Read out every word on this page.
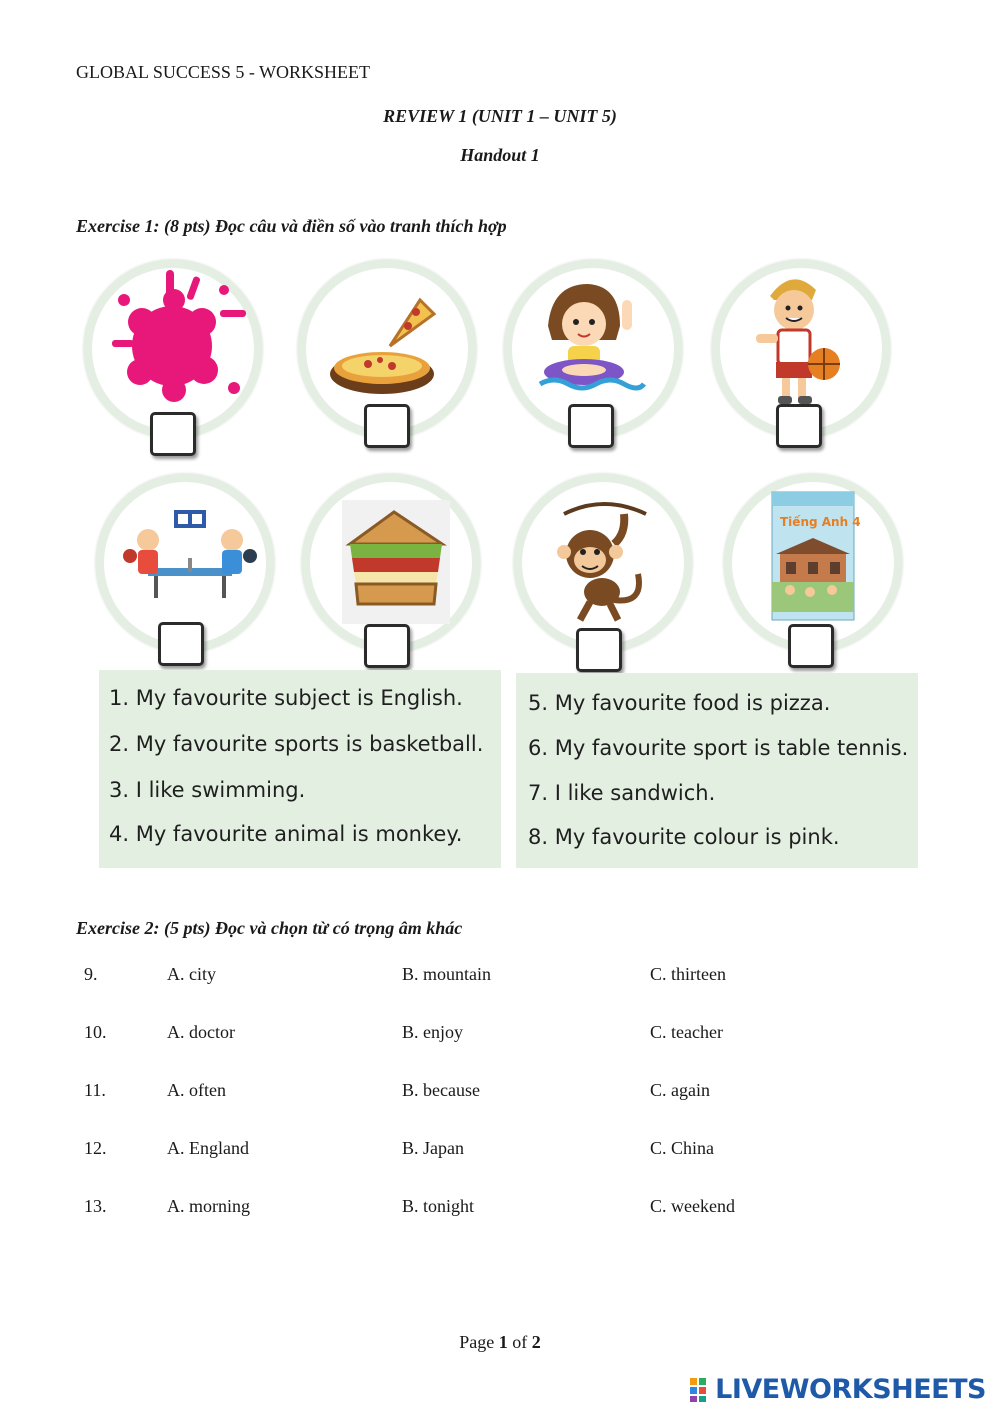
GLOBAL SUCCESS 5 - WORKSHEET
REVIEW 1 (UNIT 1 – UNIT 5)
Handout 1
Exercise 1: (8 pts) Đọc câu và điền số vào tranh thích hợp
Tiếng Anh 4
1. My favourite subject is English.
2. My favourite sports is basketball.
3. I like swimming.
4. My favourite animal is monkey.
5. My favourite food is pizza.
6. My favourite sport is table tennis.
7. I like sandwich.
8. My favourite colour is pink.
Exercise 2: (5 pts) Đọc và chọn từ có trọng âm khác
9.	A. city	B. mountain	C. thirteen
10.	A. doctor	B. enjoy	C. teacher
11.	A. often	B. because	C. again
12.	A. England	B. Japan	C. China
13.	A. morning	B. tonight	C. weekend
Page 1 of 2
LIVEWORKSHEETS
